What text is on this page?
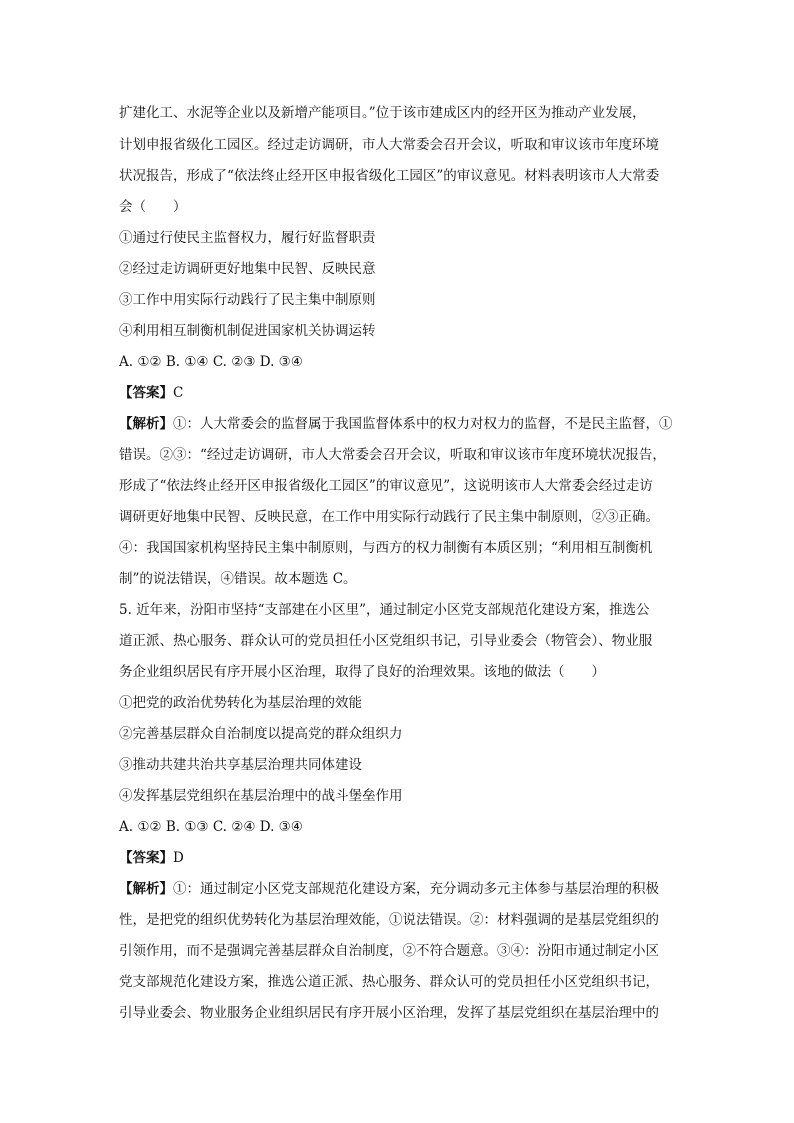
扩建化工、水泥等企业以及新增产能项目。”位于该市建成区内的经开区为推动产业发展，
计划申报省级化工园区。经过走访调研，市人大常委会召开会议，听取和审议该市年度环境
状况报告，形成了“依法终止经开区申报省级化工园区”的审议意见。材料表明该市人大常委
会（　　）
①通过行使民主监督权力，履行好监督职责
②经过走访调研更好地集中民智、反映民意
③工作中用实际行动践行了民主集中制原则
④利用相互制衡机制促进国家机关协调运转
A. ①② B. ①④ C. ②③ D. ③④
【答案】C
【解析】①：人大常委会的监督属于我国监督体系中的权力对权力的监督，不是民主监督，①
错误。②③：“经过走访调研，市人大常委会召开会议，听取和审议该市年度环境状况报告，
形成了“依法终止经开区申报省级化工园区”的审议意见”，这说明该市人大常委会经过走访
调研更好地集中民智、反映民意，在工作中用实际行动践行了民主集中制原则，②③正确。
④：我国国家机构坚持民主集中制原则，与西方的权力制衡有本质区别；“利用相互制衡机
制”的说法错误，④错误。故本题选 C。
5. 近年来，汾阳市坚持“支部建在小区里”，通过制定小区党支部规范化建设方案，推选公
道正派、热心服务、群众认可的党员担任小区党组织书记，引导业委会（物管会）、物业服
务企业组织居民有序开展小区治理，取得了良好的治理效果。该地的做法（　　）
①把党的政治优势转化为基层治理的效能
②完善基层群众自治制度以提高党的群众组织力
③推动共建共治共享基层治理共同体建设
④发挥基层党组织在基层治理中的战斗堡垒作用
A. ①② B. ①③ C. ②④ D. ③④
【答案】D
【解析】①：通过制定小区党支部规范化建设方案，充分调动多元主体参与基层治理的积极
性，是把党的组织优势转化为基层治理效能，①说法错误。②：材料强调的是基层党组织的
引领作用，而不是强调完善基层群众自治制度，②不符合题意。③④：汾阳市通过制定小区
党支部规范化建设方案，推选公道正派、热心服务、群众认可的党员担任小区党组织书记，
引导业委会、物业服务企业组织居民有序开展小区治理，发挥了基层党组织在基层治理中的
